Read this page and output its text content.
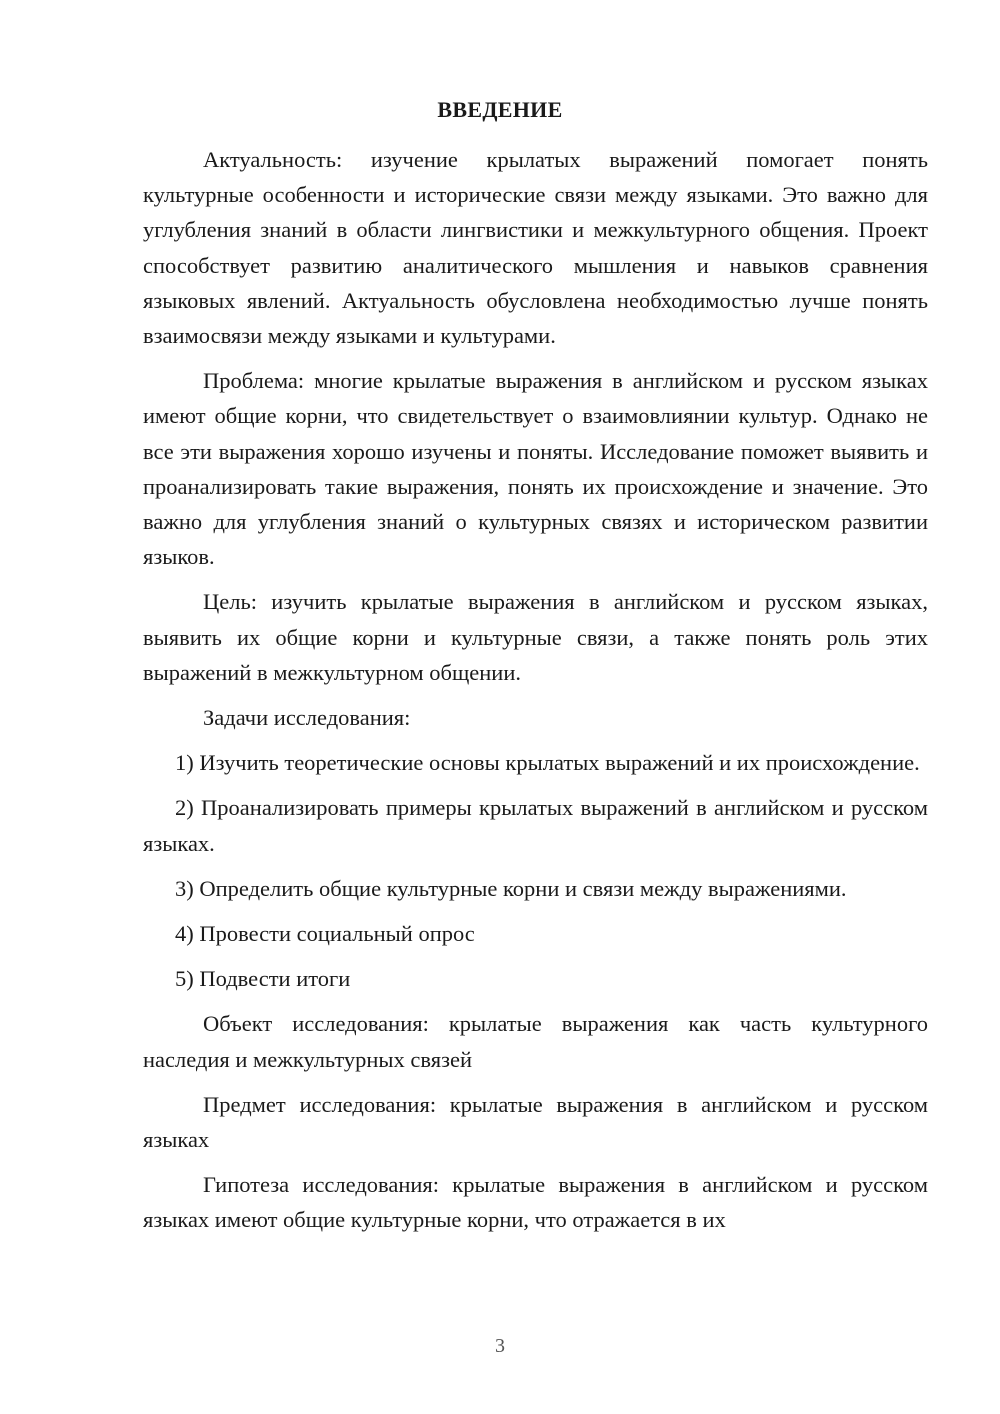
ВВЕДЕНИЕ

Актуальность: изучение крылатых выражений помогает понять культурные особенности и исторические связи между языками. Это важно для углубления знаний в области лингвистики и межкультурного общения. Проект способствует развитию аналитического мышления и навыков сравнения языковых явлений. Актуальность обусловлена необходимостью лучше понять взаимосвязи между языками и культурами.

Проблема: многие крылатые выражения в английском и русском языках имеют общие корни, что свидетельствует о взаимовлиянии культур. Однако не все эти выражения хорошо изучены и поняты. Исследование поможет выявить и проанализировать такие выражения, понять их происхождение и значение. Это важно для углубления знаний о культурных связях и историческом развитии языков.

Цель: изучить крылатые выражения в английском и русском языках, выявить их общие корни и культурные связи, а также понять роль этих выражений в межкультурном общении.

Задачи исследования:

1) Изучить теоретические основы крылатых выражений и их происхождение.

2) Проанализировать примеры крылатых выражений в английском и русском языках.

3) Определить общие культурные корни и связи между выражениями.

4) Провести социальный опрос

5) Подвести итоги

Объект исследования: крылатые выражения как часть культурного наследия и межкультурных связей

Предмет исследования: крылатые выражения в английском и русском языках

Гипотеза исследования: крылатые выражения в английском и русском языках имеют общие культурные корни, что отражается в их

3
